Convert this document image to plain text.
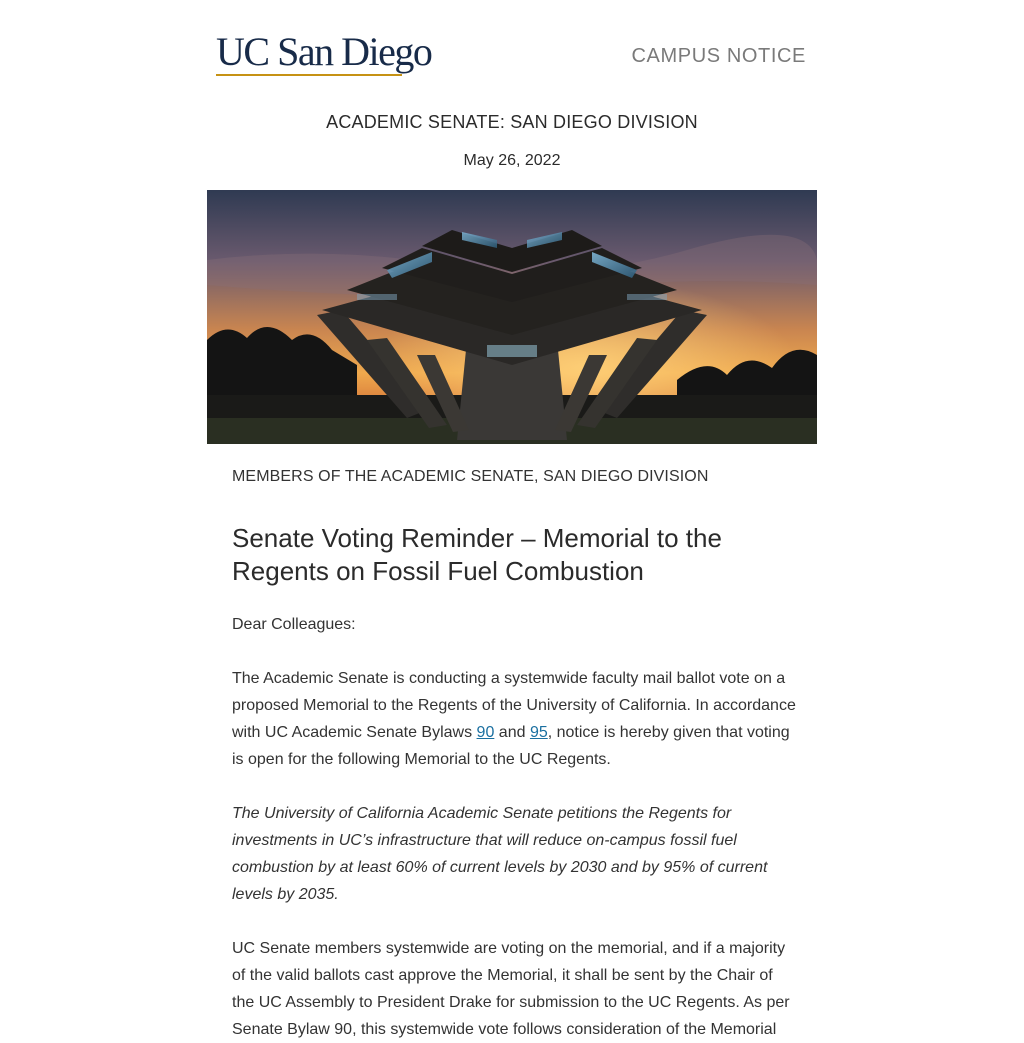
UC San Diego	CAMPUS NOTICE
ACADEMIC SENATE: SAN DIEGO DIVISION
May 26, 2022

MEMBERS OF THE ACADEMIC SENATE, SAN DIEGO DIVISION

Senate Voting Reminder – Memorial to the Regents on Fossil Fuel Combustion

Dear Colleagues:

The Academic Senate is conducting a systemwide faculty mail ballot vote on a proposed Memorial to the Regents of the University of California. In accordance with UC Academic Senate Bylaws 90 and 95, notice is hereby given that voting is open for the following Memorial to the UC Regents.

The University of California Academic Senate petitions the Regents for investments in UC’s infrastructure that will reduce on-campus fossil fuel combustion by at least 60% of current levels by 2030 and by 95% of current levels by 2035.

UC Senate members systemwide are voting on the memorial, and if a majority of the valid ballots cast approve the Memorial, it shall be sent by the Chair of the UC Assembly to President Drake for submission to the UC Regents. As per Senate Bylaw 90, this systemwide vote follows consideration of the Memorial
